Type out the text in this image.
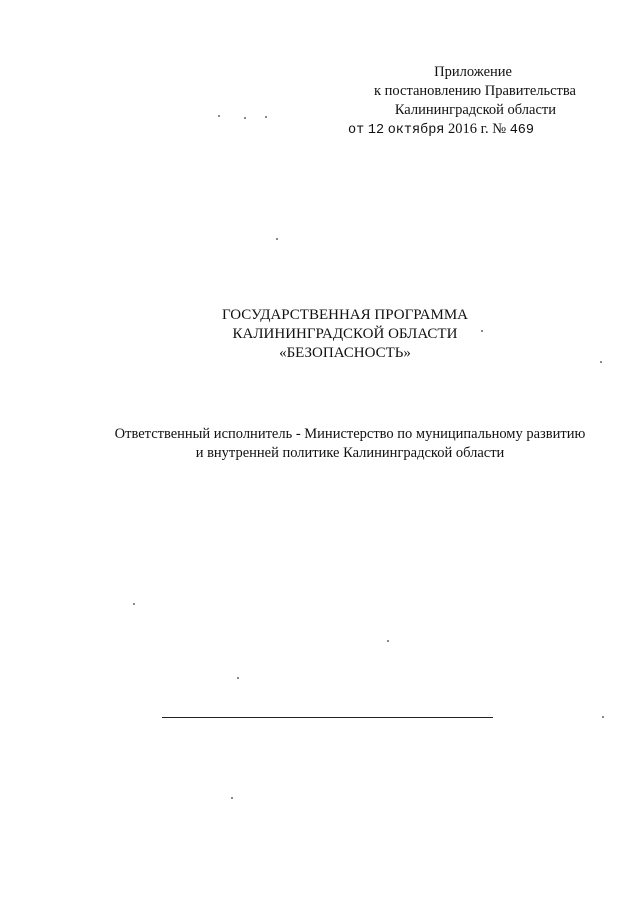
Приложение
к постановлению Правительства
Калининградской области
от 12 октября 2016 г. № 469
ГОСУДАРСТВЕННАЯ ПРОГРАММА
КАЛИНИНГРАДСКОЙ ОБЛАСТИ
«БЕЗОПАСНОСТЬ»
Ответственный исполнитель - Министерство по муниципальному развитию
и внутренней политике Калининградской области
